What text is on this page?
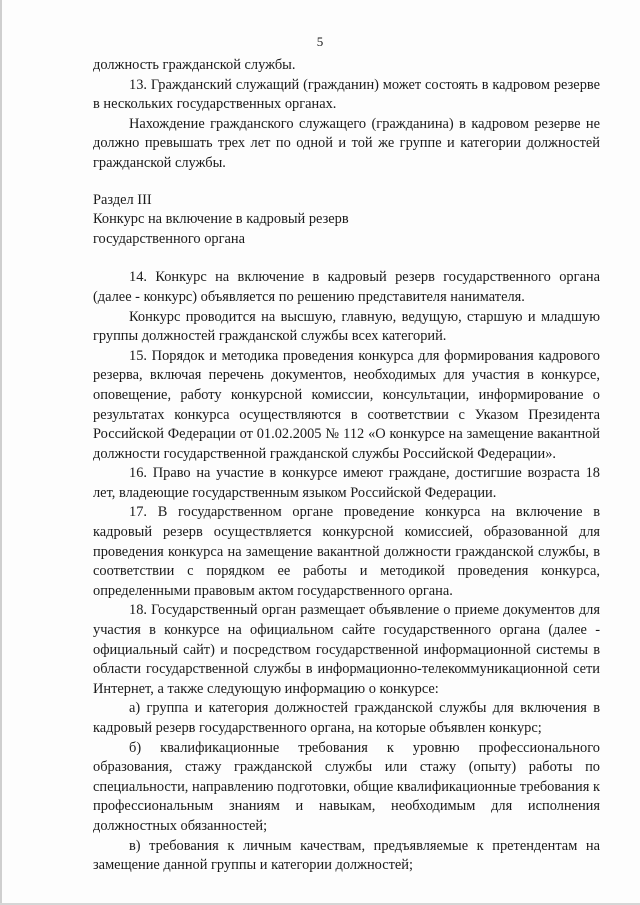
5

должность гражданской службы.

13. Гражданский служащий (гражданин) может состоять в кадровом резерве в нескольких государственных органах.

Нахождение гражданского служащего (гражданина) в кадровом резерве не должно превышать трех лет по одной и той же группе и категории должностей гражданской службы.

Раздел III

Конкурс на включение в кадровый резерв

государственного органа

14. Конкурс на включение в кадровый резерв государственного органа (далее - конкурс) объявляется по решению представителя нанимателя.

Конкурс проводится на высшую, главную, ведущую, старшую и младшую группы должностей гражданской службы всех категорий.

15. Порядок и методика проведения конкурса для формирования кадрового резерва, включая перечень документов, необходимых для участия в конкурсе, оповещение, работу конкурсной комиссии, консультации, информирование о результатах конкурса осуществляются в соответствии с Указом Президента Российской Федерации от 01.02.2005 № 112 «О конкурсе на замещение вакантной должности государственной гражданской службы Российской Федерации».

16. Право на участие в конкурсе имеют граждане, достигшие возраста 18 лет, владеющие государственным языком Российской Федерации.

17. В государственном органе проведение конкурса на включение в кадровый резерв осуществляется конкурсной комиссией, образованной для проведения конкурса на замещение вакантной должности гражданской службы, в соответствии с порядком ее работы и методикой проведения конкурса, определенными правовым актом государственного органа.

18. Государственный орган размещает объявление о приеме документов для участия в конкурсе на официальном сайте государственного органа (далее - официальный сайт) и посредством государственной информационной системы в области государственной службы в информационно-телекоммуникационной сети Интернет, а также следующую информацию о конкурсе:

а) группа и категория должностей гражданской службы для включения в кадровый резерв государственного органа, на которые объявлен конкурс;

б) квалификационные требования к уровню профессионального образования, стажу гражданской службы или стажу (опыту) работы по специальности, направлению подготовки, общие квалификационные требования к профессиональным знаниям и навыкам, необходимым для исполнения должностных обязанностей;

в) требования к личным качествам, предъявляемые к претендентам на замещение данной группы и категории должностей;
